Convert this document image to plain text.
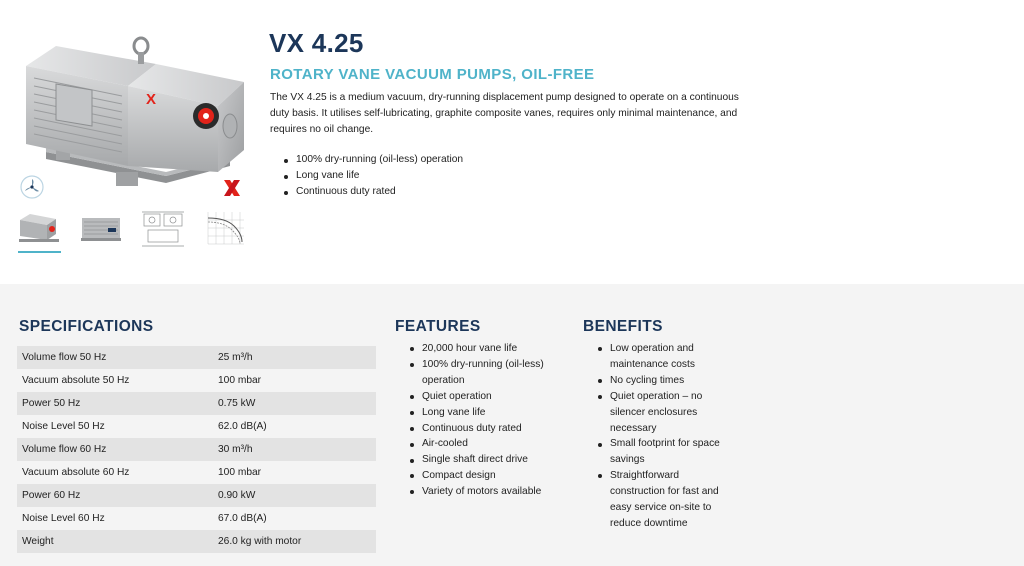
X
VX 4.25
ROTARY VANE VACUUM PUMPS, OIL-FREE

The VX 4.25 is a medium vacuum, dry-running displacement pump designed to operate on a continuous duty basis. It utilises self-lubricating, graphite composite vanes, requires only minimal maintenance, and requires no oil change.

100% dry-running (oil-less) operation
Long vane life
Continuous duty rated
SPECIFICATIONS
Volume flow 50 Hz	25 m³/h
Vacuum absolute 50 Hz	100 mbar
Power 50 Hz	0.75 kW
Noise Level 50 Hz	62.0 dB(A)
Volume flow 60 Hz	30 m³/h
Vacuum absolute 60 Hz	100 mbar
Power 60 Hz	0.90 kW
Noise Level 60 Hz	67.0 dB(A)
Weight	26.0 kg with motor
FEATURES
20,000 hour vane life
100% dry-running (oil-less) operation
Quiet operation
Long vane life
Continuous duty rated
Air-cooled
Single shaft direct drive
Compact design
Variety of motors available
BENEFITS
Low operation and maintenance costs
No cycling times
Quiet operation – no silencer enclosures necessary
Small footprint for space savings
Straightforward construction for fast and easy service on-site to reduce downtime
